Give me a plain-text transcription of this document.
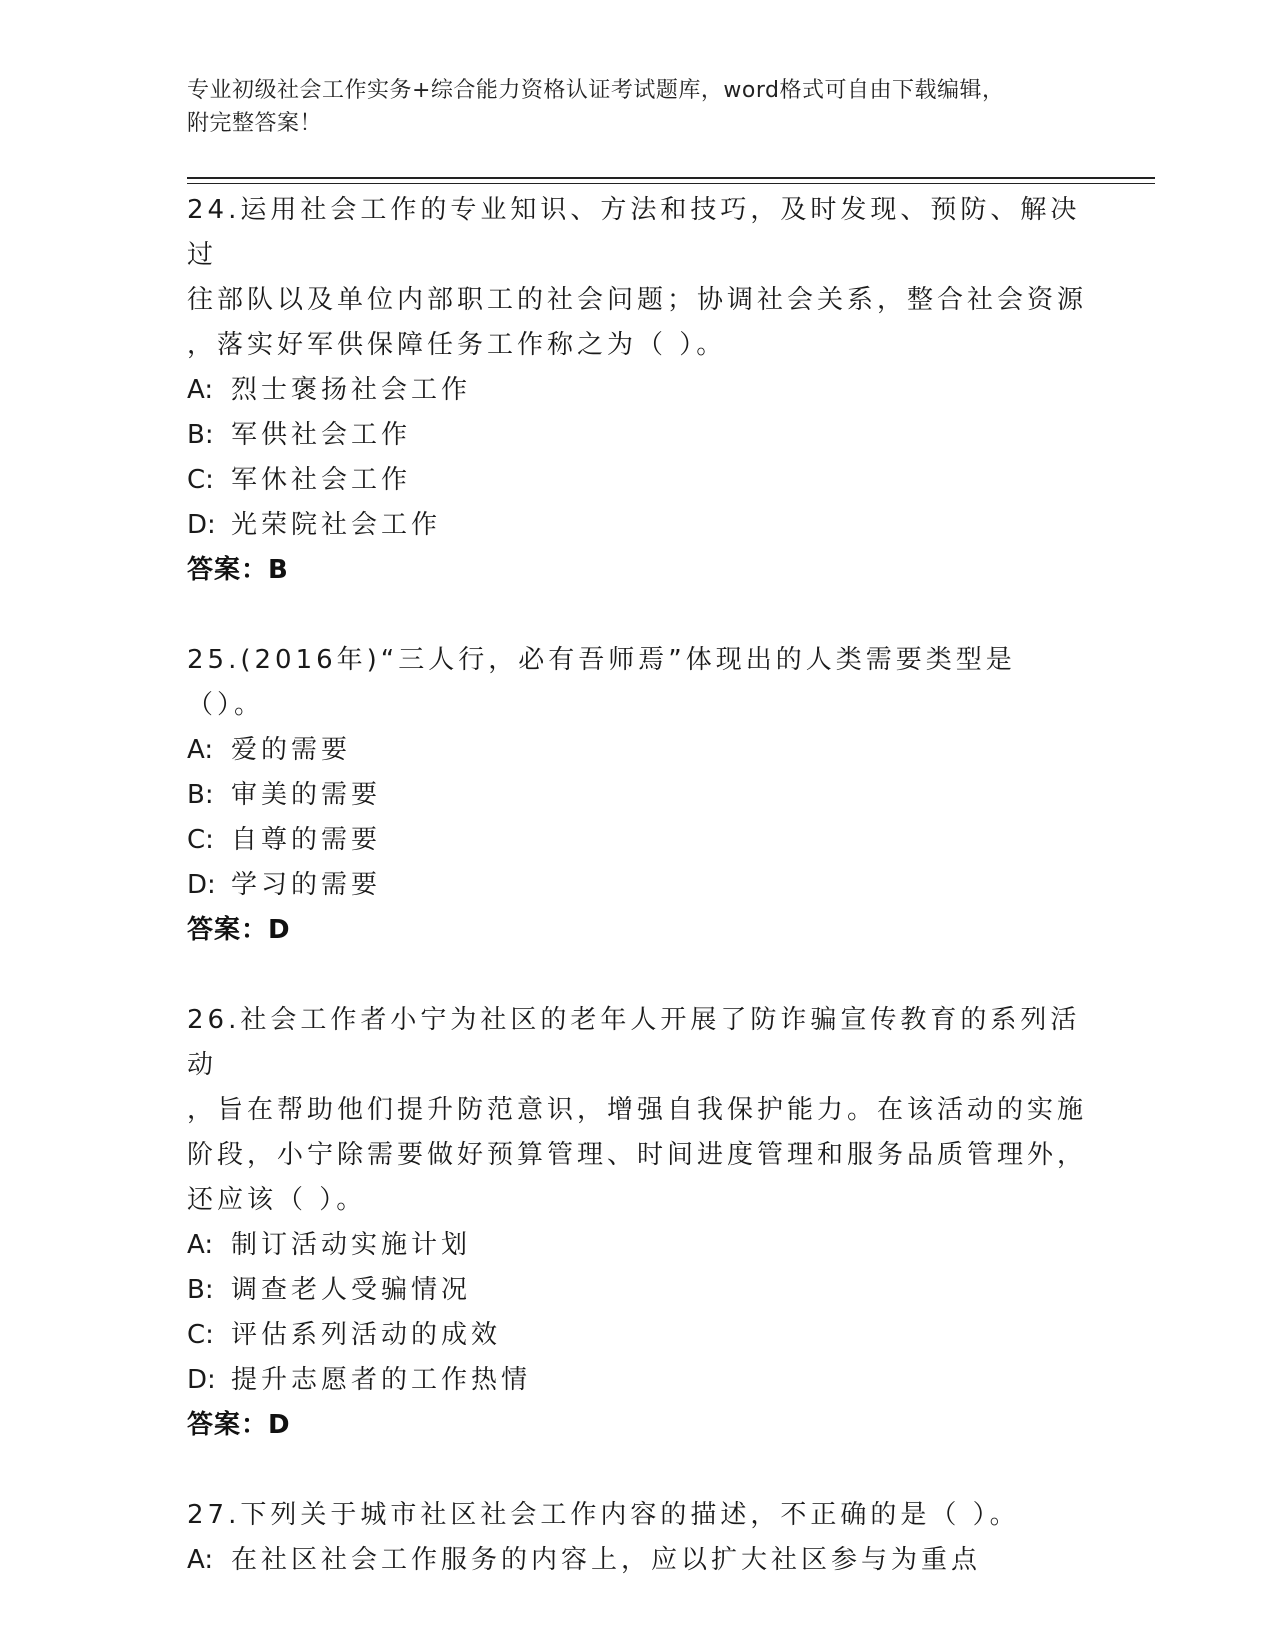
专业初级社会工作实务+综合能力资格认证考试题库，word格式可自由下载编辑，
附完整答案！
24.运用社会工作的专业知识、方法和技巧，及时发现、预防、解决过
往部队以及单位内部职工的社会问题；协调社会关系，整合社会资源
，落实好军供保障任务工作称之为（ ）。
A: 烈士褒扬社会工作
B: 军供社会工作
C: 军休社会工作
D: 光荣院社会工作
答案：B
25.(2016年)“三人行，必有吾师焉”体现出的人类需要类型是（）。
A: 爱的需要
B: 审美的需要
C: 自尊的需要
D: 学习的需要
答案：D
26.社会工作者小宁为社区的老年人开展了防诈骗宣传教育的系列活动
，旨在帮助他们提升防范意识，增强自我保护能力。在该活动的实施
阶段，小宁除需要做好预算管理、时间进度管理和服务品质管理外，
还应该（ ）。
A: 制订活动实施计划
B: 调查老人受骗情况
C: 评估系列活动的成效
D: 提升志愿者的工作热情
答案：D
27.下列关于城市社区社会工作内容的描述，不正确的是（ ）。
A: 在社区社会工作服务的内容上，应以扩大社区参与为重点
